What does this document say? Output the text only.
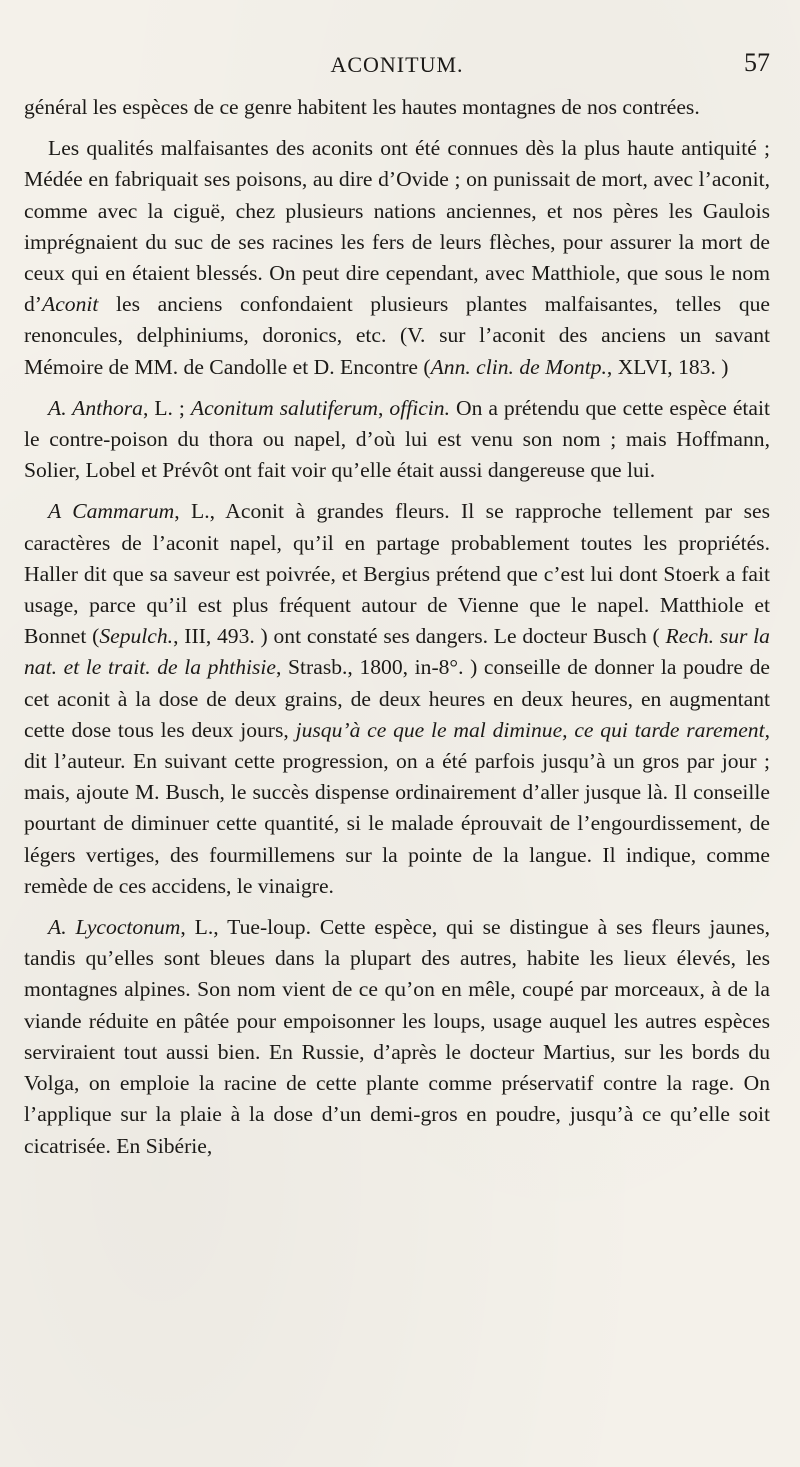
ACONITUM.	57

général les espèces de ce genre habitent les hautes montagnes de nos contrées.

Les qualités malfaisantes des aconits ont été connues dès la plus haute antiquité ; Médée en fabriquait ses poisons, au dire d’Ovide ; on punissait de mort, avec l’aconit, comme avec la ciguë, chez plusieurs nations anciennes, et nos pères les Gaulois imprégnaient du suc de ses racines les fers de leurs flèches, pour assurer la mort de ceux qui en étaient blessés. On peut dire cependant, avec Matthiole, que sous le nom d’Aconit les anciens confondaient plusieurs plantes malfaisantes, telles que renoncules, delphiniums, doronics, etc. (V. sur l’aconit des anciens un savant Mémoire de MM. de Candolle et D. Encontre (Ann. clin. de Montp., XLVI, 183. )

A. Anthora, L. ; Aconitum salutiferum, officin. On a prétendu que cette espèce était le contre-poison du thora ou napel, d’où lui est venu son nom ; mais Hoffmann, Solier, Lobel et Prévôt ont fait voir qu’elle était aussi dangereuse que lui.

A Cammarum, L., Aconit à grandes fleurs. Il se rapproche tellement par ses caractères de l’aconit napel, qu’il en partage probablement toutes les propriétés. Haller dit que sa saveur est poivrée, et Bergius prétend que c’est lui dont Stoerk a fait usage, parce qu’il est plus fréquent autour de Vienne que le napel. Matthiole et Bonnet (Sepulch., III, 493. ) ont constaté ses dangers. Le docteur Busch ( Rech. sur la nat. et le trait. de la phthisie, Strasb., 1800, in-8°. ) conseille de donner la poudre de cet aconit à la dose de deux grains, de deux heures en deux heures, en augmentant cette dose tous les deux jours, jusqu’à ce que le mal diminue, ce qui tarde rarement, dit l’auteur. En suivant cette progression, on a été parfois jusqu’à un gros par jour ; mais, ajoute M. Busch, le succès dispense ordinairement d’aller jusque là. Il conseille pourtant de diminuer cette quantité, si le malade éprouvait de l’engourdissement, de légers vertiges, des fourmillemens sur la pointe de la langue. Il indique, comme remède de ces accidens, le vinaigre.

A. Lycoctonum, L., Tue-loup. Cette espèce, qui se distingue à ses fleurs jaunes, tandis qu’elles sont bleues dans la plupart des autres, habite les lieux élevés, les montagnes alpines. Son nom vient de ce qu’on en mêle, coupé par morceaux, à de la viande réduite en pâtée pour empoisonner les loups, usage auquel les autres espèces serviraient tout aussi bien. En Russie, d’après le docteur Martius, sur les bords du Volga, on emploie la racine de cette plante comme préservatif contre la rage. On l’applique sur la plaie à la dose d’un demi-gros en poudre, jusqu’à ce qu’elle soit cicatrisée. En Sibérie,
